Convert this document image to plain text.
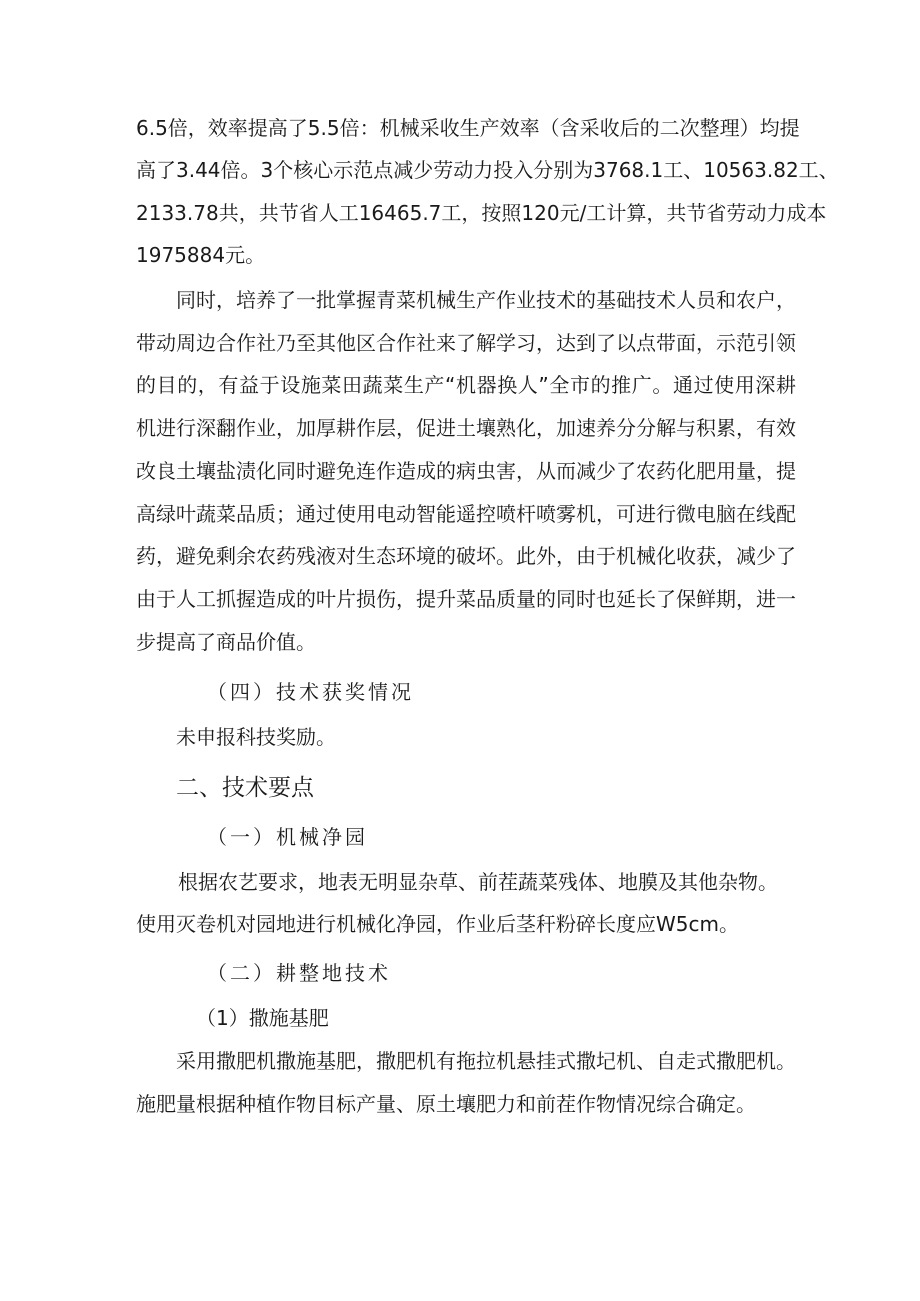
6.5倍，效率提高了5.5倍：机械采收生产效率（含采收后的二次整理）均提
高了3.44倍。3个核心示范点减少劳动力投入分别为3768.1工、10563.82工、
2133.78共，共节省人工16465.7工，按照120元/工计算，共节省劳动力成本
1975884元。
同时，培养了一批掌握青菜机械生产作业技术的基础技术人员和农户，
带动周边合作社乃至其他区合作社来了解学习，达到了以点带面，示范引领
的目的，有益于设施菜田蔬菜生产“机器换人”全市的推广。通过使用深耕
机进行深翻作业，加厚耕作层，促进土壤熟化，加速养分分解与积累，有效
改良土壤盐渍化同时避免连作造成的病虫害，从而减少了农药化肥用量，提
高绿叶蔬菜品质；通过使用电动智能遥控喷杆喷雾机，可进行微电脑在线配
药，避免剩余农药残液对生态环境的破坏。此外，由于机械化收获，减少了
由于人工抓握造成的叶片损伤，提升菜品质量的同时也延长了保鲜期，进一
步提高了商品价值。
（四）技术获奖情况
未申报科技奖励。
二、技术要点
（一）机械净园
根据农艺要求，地表无明显杂草、前茬蔬菜残体、地膜及其他杂物。
使用灭卷机对园地进行机械化净园，作业后茎秆粉碎长度应W5cm。
（二）耕整地技术
（1）撒施基肥
采用撒肥机撒施基肥，撒肥机有拖拉机悬挂式撒圮机、自走式撒肥机。
施肥量根据种植作物目标产量、原土壤肥力和前茬作物情况综合确定。
